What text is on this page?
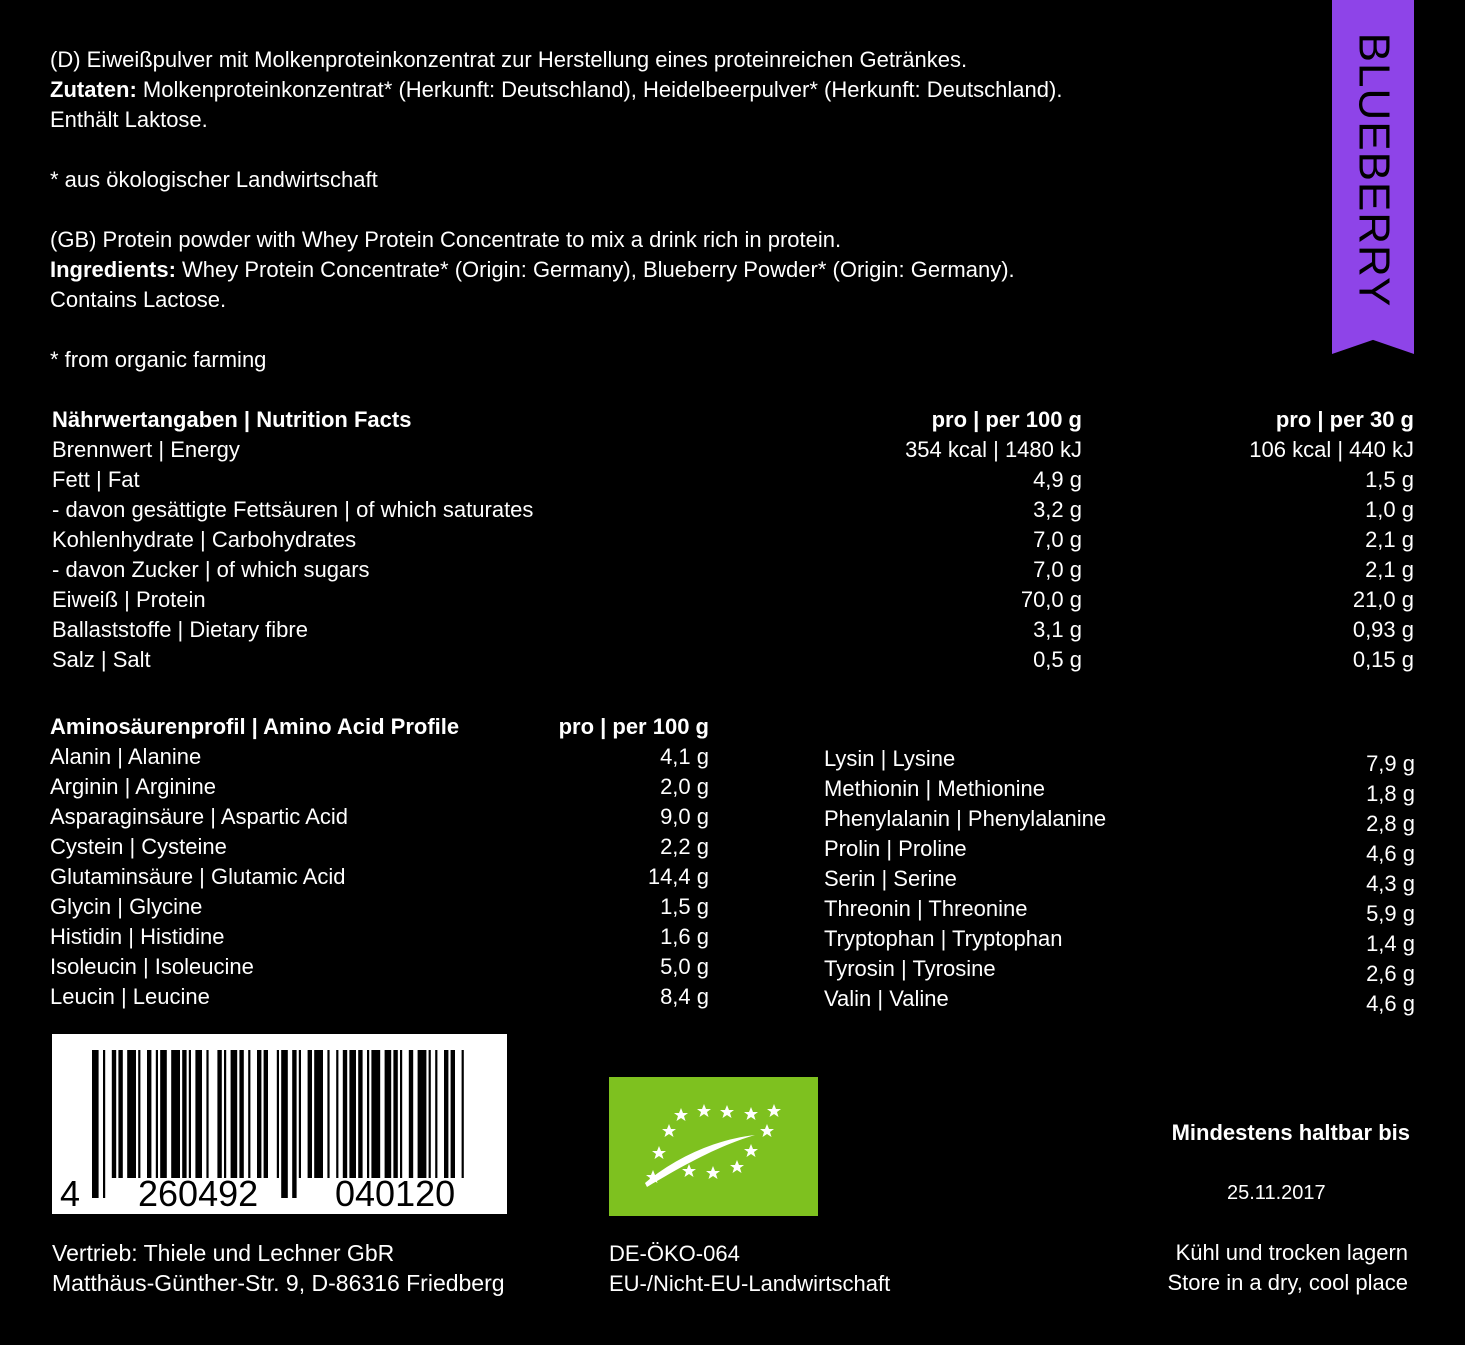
BLUEBERRY
(D) Eiweißpulver mit Molkenproteinkonzentrat zur Herstellung eines proteinreichen Getränkes.
Zutaten: Molkenproteinkonzentrat* (Herkunft: Deutschland), Heidelbeerpulver* (Herkunft: Deutschland).
Enthält Laktose.
* aus ökologischer Landwirtschaft
(GB) Protein powder with Whey Protein Concentrate to mix a drink rich in protein.
Ingredients: Whey Protein Concentrate* (Origin: Germany), Blueberry Powder* (Origin: Germany).
Contains Lactose.
* from organic farming
Nährwertangaben | Nutrition Facts	pro | per 100 g	pro | per 30 g
Brennwert | Energy	354 kcal | 1480 kJ	106 kcal | 440 kJ
Fett | Fat	4,9 g	1,5 g
- davon gesättigte Fettsäuren | of which saturates	3,2 g	1,0 g
Kohlenhydrate | Carbohydrates	7,0 g	2,1 g
- davon Zucker | of which sugars	7,0 g	2,1 g
Eiweiß | Protein	70,0 g	21,0 g
Ballaststoffe | Dietary fibre	3,1 g	0,93 g
Salz | Salt	0,5 g	0,15 g
Aminosäurenprofil | Amino Acid Profile	pro | per 100 g
Alanin | Alanine	4,1 g
Arginin | Arginine	2,0 g
Asparaginsäure | Aspartic Acid	9,0 g
Cystein | Cysteine	2,2 g
Glutaminsäure | Glutamic Acid	14,4 g
Glycin | Glycine	1,5 g
Histidin | Histidine	1,6 g
Isoleucin | Isoleucine	5,0 g
Leucin | Leucine	8,4 g
Lysin | Lysine	7,9 g
Methionin | Methionine	1,8 g
Phenylalanin | Phenylalanine	2,8 g
Prolin | Proline	4,6 g
Serin | Serine	4,3 g
Threonin | Threonine	5,9 g
Tryptophan | Tryptophan	1,4 g
Tyrosin | Tyrosine	2,6 g
Valin | Valine	4,6 g
4 260492 040120
DE-ÖKO-064
EU-/Nicht-EU-Landwirtschaft
Mindestens haltbar bis
25.11.2017
Kühl und trocken lagern
Store in a dry, cool place
Vertrieb: Thiele und Lechner GbR
Matthäus-Günther-Str. 9, D-86316 Friedberg
